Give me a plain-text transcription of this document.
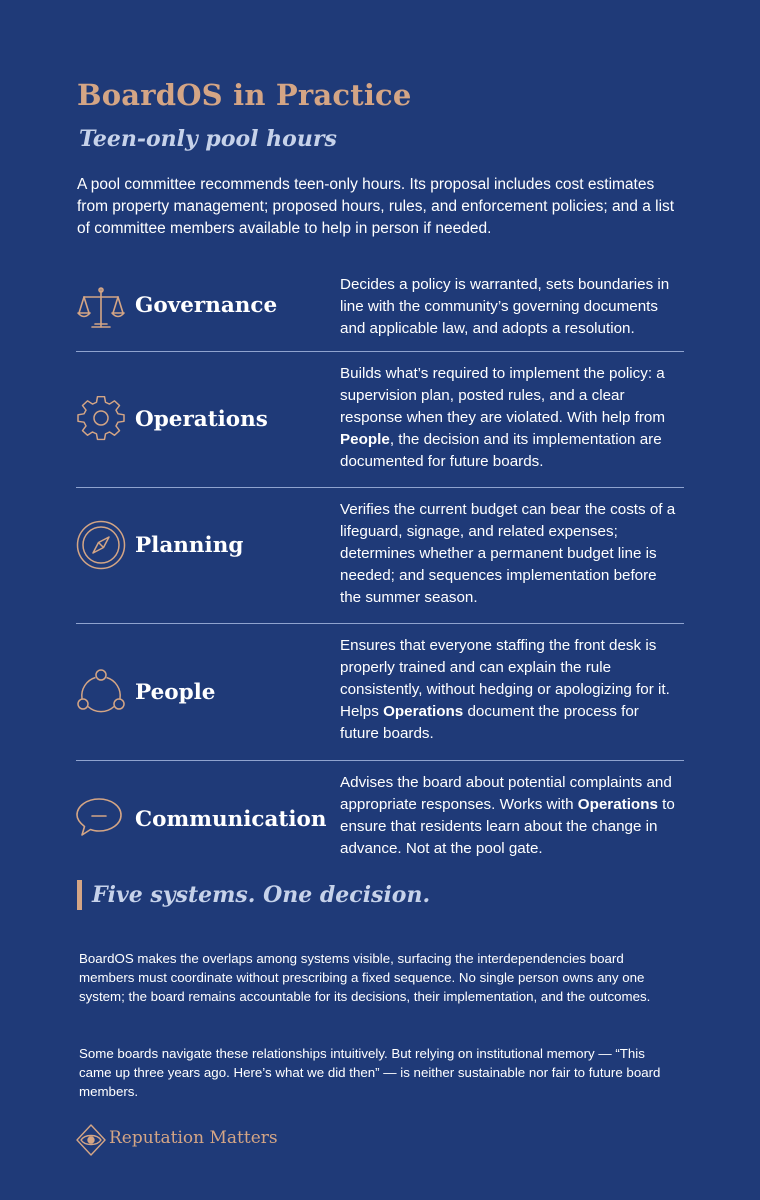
BoardOS in Practice
Teen-only pool hours
A pool committee recommends teen-only hours. Its proposal includes cost estimates from property management; proposed hours, rules, and enforcement policies; and a list of committee members available to help in person if needed.
Governance
Decides a policy is warranted, sets boundaries in line with the community’s governing documents and applicable law, and adopts a resolution.
Operations
Builds what’s required to implement the policy: a supervision plan, posted rules, and a clear response when they are violated. With help from People, the decision and its implementation are documented for future boards.
Planning
Verifies the current budget can bear the costs of a lifeguard, signage, and related expenses; determines whether a permanent budget line is needed; and sequences implementation before the summer season.
People
Ensures that everyone staffing the front desk is properly trained and can explain the rule consistently, without hedging or apologizing for it. Helps Operations document the process for future boards.
Communication
Advises the board about potential complaints and appropriate responses. Works with Operations to ensure that residents learn about the change in advance. Not at the pool gate.
Five systems. One decision.
BoardOS makes the overlaps among systems visible, surfacing the interdependencies board members must coordinate without prescribing a fixed sequence. No single person owns any one system; the board remains accountable for its decisions, their implementation, and the outcomes.
Some boards navigate these relationships intuitively. But relying on institutional memory — “This came up three years ago. Here’s what we did then” — is neither sustainable nor fair to future board members.
Reputation Matters
